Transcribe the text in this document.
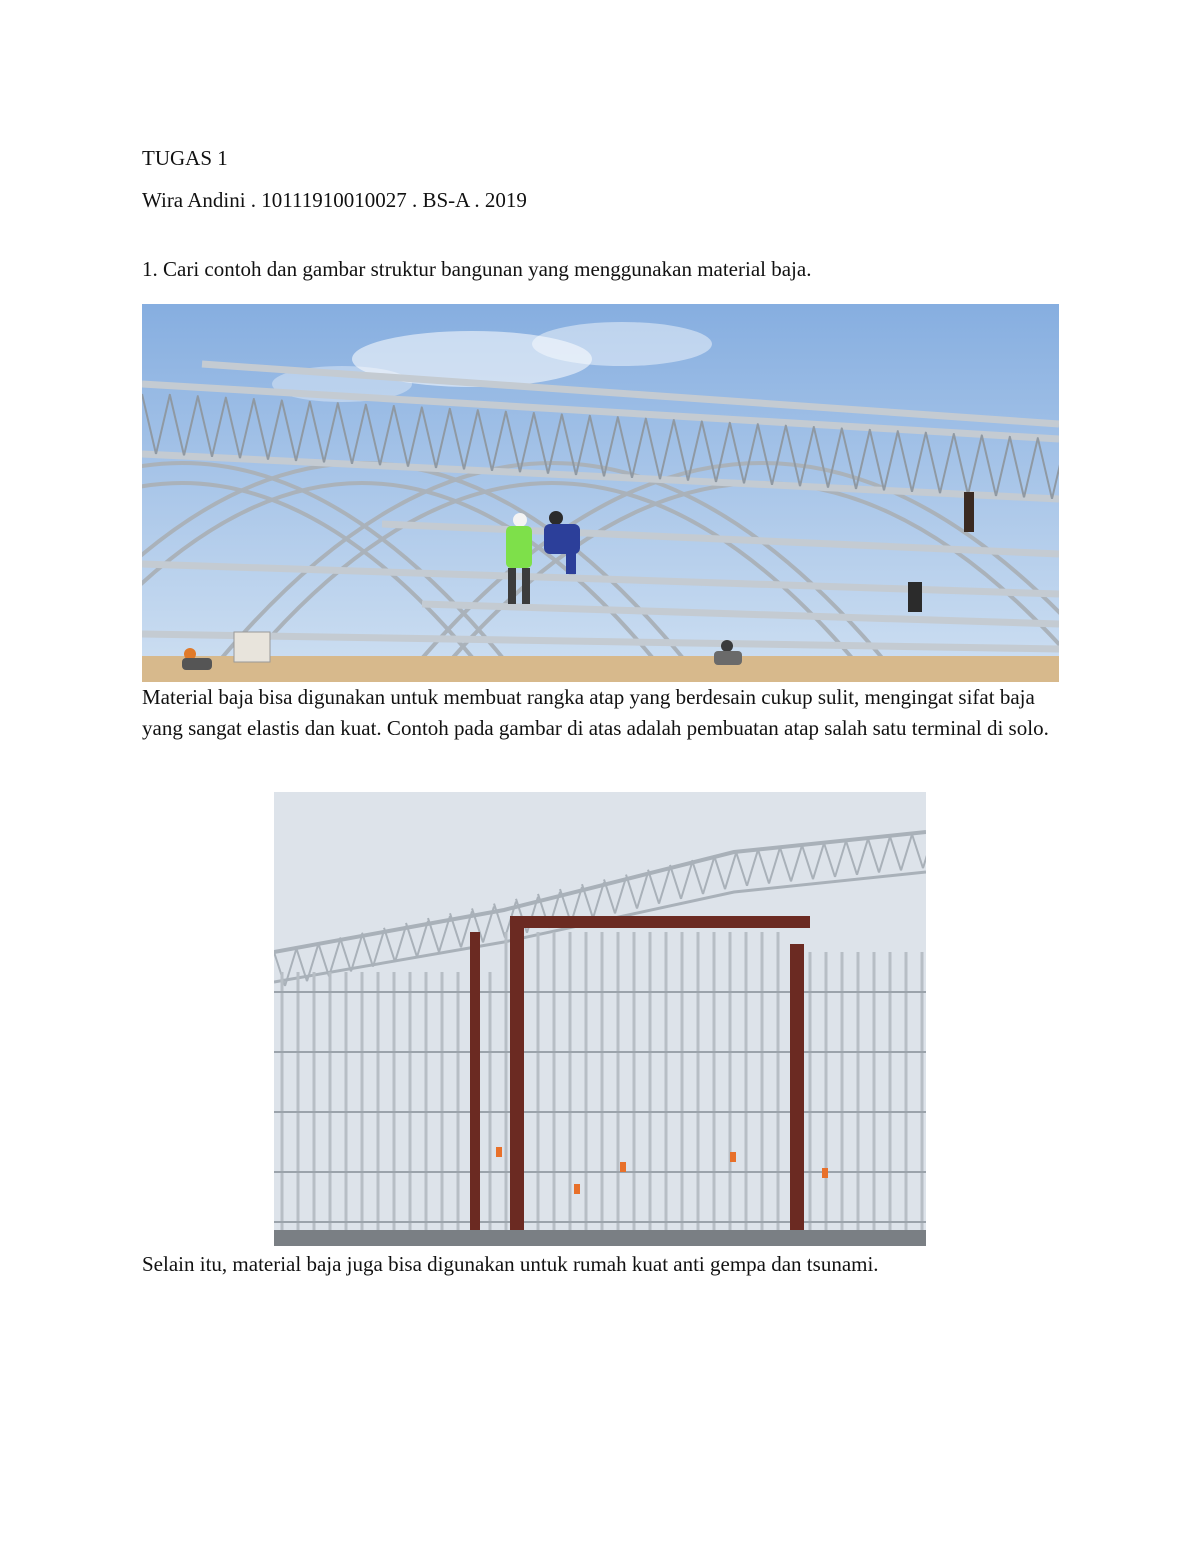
TUGAS 1
Wira Andini . 10111910010027 . BS-A . 2019
1. Cari contoh dan gambar struktur bangunan yang menggunakan material baja.
Material baja bisa digunakan untuk membuat rangka atap yang berdesain cukup sulit, mengingat sifat baja yang sangat elastis dan kuat. Contoh pada gambar di atas adalah pembuatan atap salah satu terminal di solo.
Selain itu, material baja juga bisa digunakan untuk rumah kuat anti gempa dan tsunami.
